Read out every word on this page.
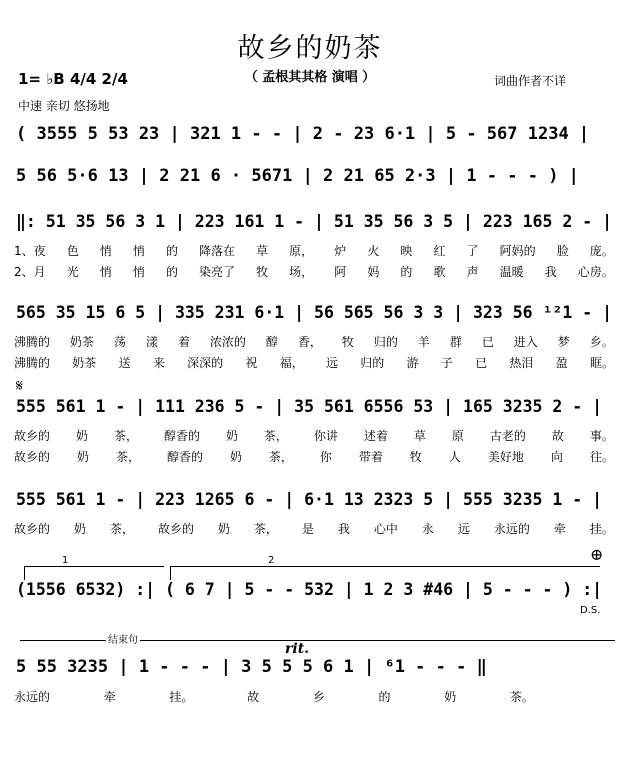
故乡的奶茶
（ 孟根其其格 演唱 ）
1= ♭B 4/4 2/4	词曲作者不详
中速 亲切 悠扬地
( 3555 5 53 23 | 321 1 - - | 2 - 23 6·1 | 5 - 567 1234 |
5 56 5·6 13 | 2 21 6 · 5671 | 2 21 65 2·3 | 1 - - - ) |
‖: 51 35 56 3 1 | 223 161 1 - | 51 35 56 3 5 | 223 165 2 - |
1、夜 色 悄 悄 的 降落在 草 原， 炉 火 映 红 了 阿妈的 脸 庞。
2、月 光 悄 悄 的 染亮了 牧 场， 阿 妈 的 歌 声 温暖 我 心房。
565 35 15 6 5 | 335 231 6·1 | 56 565 56 3 3 | 323 56 ¹²1 - |
沸腾的 奶茶 荡 漾 着 浓浓的 醇 香， 牧 归的 羊 群 已 进入 梦 乡。
沸腾的 奶茶 送 来 深深的 祝 福， 远 归的 游 子 已 热泪 盈 眶。
𝄋
555 561 1 - | 111 236 5 - | 35 561 6556 53 | 165 3235 2 - |
故乡的 奶 茶， 醇香的 奶 茶， 你讲 述着 草 原 古老的 故 事。
故乡的 奶 茶， 醇香的 奶 茶， 你 带着 牧 人 美好地 向 往。
555 561 1 - | 223 1265 6 - | 6·1 13 2323 5 | 555 3235 1 - |
故乡的 奶 茶， 故乡的 奶 茶， 是 我 心中 永 远 永远的 牵 挂。
1	2	⊕
(1556 6532) :| ( 6 7 | 5 - - 532 | 1 2 3 #46 | 5 - - - ) :|
D.S.
结束句
rit.
5 55 3235 | 1 - - - | 3 5 5 5 6 1 | ⁶1 - - - ‖
永远的	牵	挂。	故	乡	的	奶	茶。
